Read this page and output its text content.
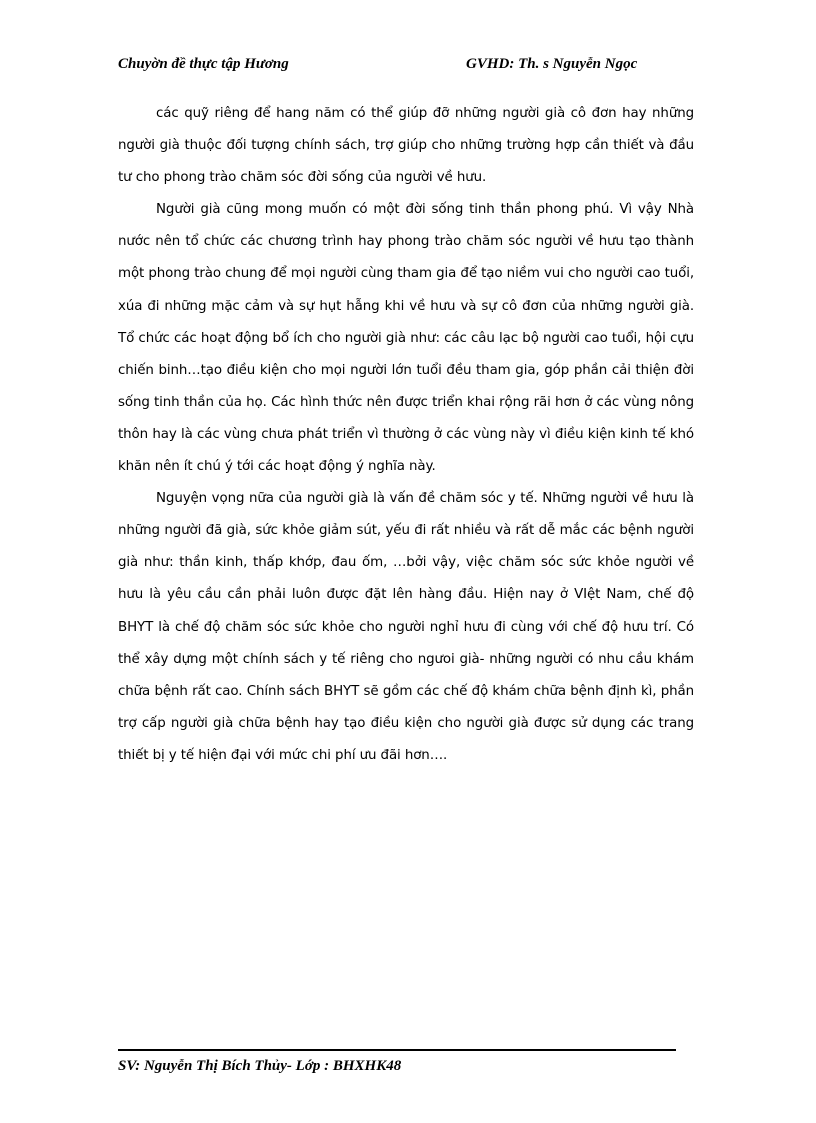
Chuyờn đề thực tập Hương	GVHD: Th. s Nguyễn Ngọc

các quỹ riêng để hang năm có thể giúp đỡ những người già cô đơn hay những người già thuộc đối tượng chính sách, trợ giúp cho những trường hợp cần thiết và đầu tư cho phong trào chăm sóc đời sống của người về hưu.

Người già cũng mong muốn có một đời sống tinh thần phong phú. Vì vậy Nhà nước nên tổ chức các chương trình hay phong trào chăm sóc người về hưu tạo thành một phong trào chung để mọi người cùng tham gia để tạo niềm vui cho người cao tuổi, xúa đi những mặc cảm và sự hụt hẫng khi về hưu và sự cô đơn của những người già. Tổ chức các hoạt động bổ ích cho người già như: các câu lạc bộ người cao tuổi, hội cựu chiến binh…tạo điều kiện cho mọi người lớn tuổi đều tham gia, góp phần cải thiện đời sống tinh thần của họ. Các hình thức nên được triển khai rộng rãi hơn ở các vùng nông thôn hay là các vùng chưa phát triển vì thường ở các vùng này vì điều kiện kinh tế khó khăn nên ít chú ý tới các hoạt động ý nghĩa này.

Nguyện vọng nữa của người già là vấn đề chăm sóc y tế. Những người về hưu là những người đã già, sức khỏe giảm sút, yếu đi rất nhiều và rất dễ mắc các bệnh người già như: thần kinh, thấp khớp, đau ốm, …bởi vậy, việc chăm sóc sức khỏe người về hưu là yêu cầu cần phải luôn được đặt lên hàng đầu. Hiện nay ở VIệt Nam, chế độ BHYT là chế độ chăm sóc sức khỏe cho người nghỉ hưu đi cùng với chế độ hưu trí. Có thể xây dựng một chính sách y tế riêng cho ngưoi già- những người có nhu cầu khám chữa bệnh rất cao. Chính sách BHYT sẽ gồm các chế độ khám chữa bệnh định kì, phần trợ cấp người già chữa bệnh hay tạo điều kiện cho người già được sử dụng các trang thiết bị y tế hiện đại với mức chi phí ưu đãi hơn….

SV: Nguyễn Thị Bích Thủy- Lớp : BHXHK48
